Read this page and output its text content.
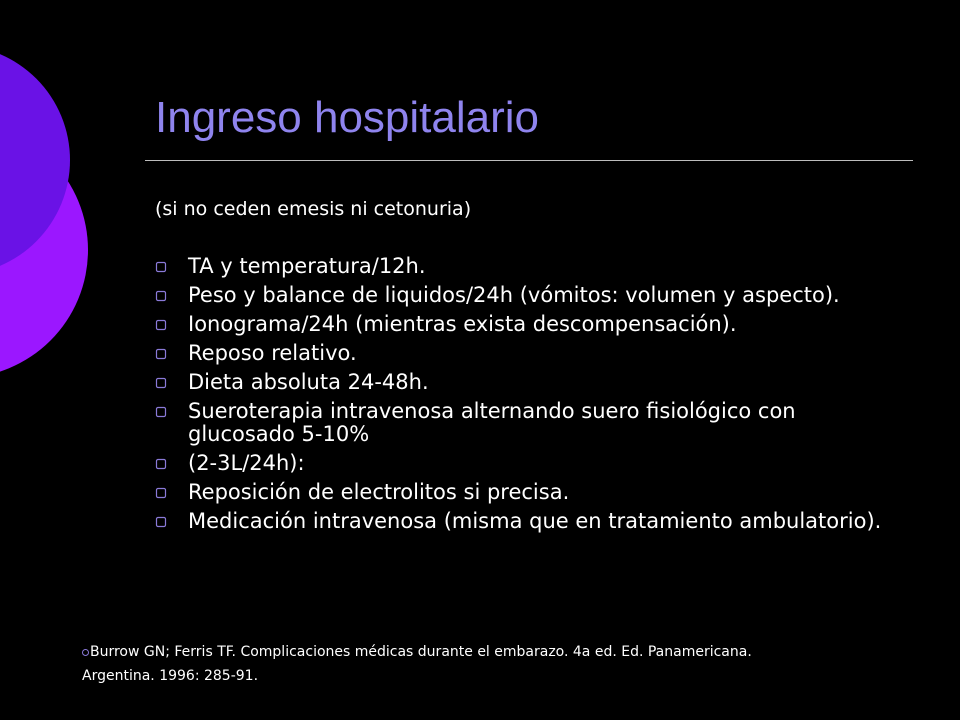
Ingreso hospitalario
(si no ceden emesis ni cetonuria)
TA y temperatura/12h.
Peso y balance de liquidos/24h (vómitos: volumen y aspecto).
Ionograma/24h (mientras exista descompensación).
Reposo relativo.
Dieta absoluta 24-48h.
Sueroterapia intravenosa alternando suero fisiológico con glucosado 5-10%
(2-3L/24h):
Reposición de electrolitos si precisa.
Medicación intravenosa (misma que en tratamiento ambulatorio).
Burrow GN; Ferris TF. Complicaciones médicas durante el embarazo. 4a ed. Ed. Panamericana. Argentina. 1996: 285-91.
